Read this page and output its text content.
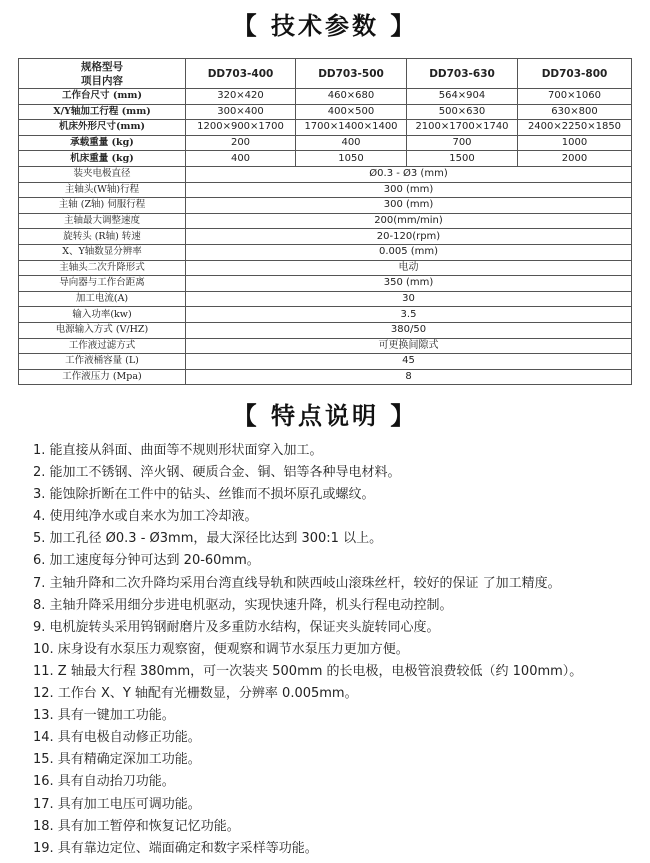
【 技术参数 】
规格型号
项目内容	DD703-400	DD703-500	DD703-630	DD703-800
工作台尺寸 (mm)	320×420	460×680	564×904	700×1060
X/Y轴加工行程 (mm)	300×400	400×500	500×630	630×800
机床外形尺寸(mm)	1200×900×1700	1700×1400×1400	2100×1700×1740	2400×2250×1850
承载重量 (kg)	200	400	700	1000
机床重量 (kg)	400	1050	1500	2000
装夹电极直径	Ø0.3 - Ø3 (mm)			
主轴头(W轴)行程	300 (mm)			
主轴 (Z轴) 伺服行程	300 (mm)			
主轴最大调整速度	200(mm/min)			
旋转头 (R轴) 转速	20-120(rpm)			
X、Y轴数显分辨率	0.005 (mm)			
主轴头二次升降形式	电动			
导向器与工作台距离	350 (mm)			
加工电流(A)	30			
输入功率(kw)	3.5			
电源输入方式 (V/HZ)	380/50			
工作液过滤方式	可更换间隙式			
工作液桶容量 (L)	45			
工作液压力 (Mpa)	8			
【 特点说明 】
1. 能直接从斜面、曲面等不规则形状面穿入加工。
2. 能加工不锈钢、淬火钢、硬质合金、铜、铝等各种导电材料。
3. 能蚀除折断在工件中的钻头、丝锥而不损坏原孔或螺纹。
4. 使用纯净水或自来水为加工冷却液。
5. 加工孔径 Ø0.3 - Ø3mm，最大深径比达到 300:1 以上。
6. 加工速度每分钟可达到 20-60mm。
7. 主轴升降和二次升降均采用台湾直线导轨和陕西岐山滚珠丝杆，较好的保证 了加工精度。
8. 主轴升降采用细分步进电机驱动，实现快速升降，机头行程电动控制。
9. 电机旋转头采用钨钢耐磨片及多重防水结构，保证夹头旋转同心度。
10. 床身设有水泵压力观察窗，便观察和调节水泵压力更加方便。
11. Z 轴最大行程 380mm，可一次装夹 500mm 的长电极，电极管浪费较低（约 100mm）。
12. 工作台 X、Y 轴配有光栅数显，分辨率 0.005mm。
13. 具有一键加工功能。
14. 具有电极自动修正功能。
15. 具有精确定深加工功能。
16. 具有自动抬刀功能。
17. 具有加工电压可调功能。
18. 具有加工暂停和恢复记忆功能。
19. 具有靠边定位、端面确定和数字采样等功能。
